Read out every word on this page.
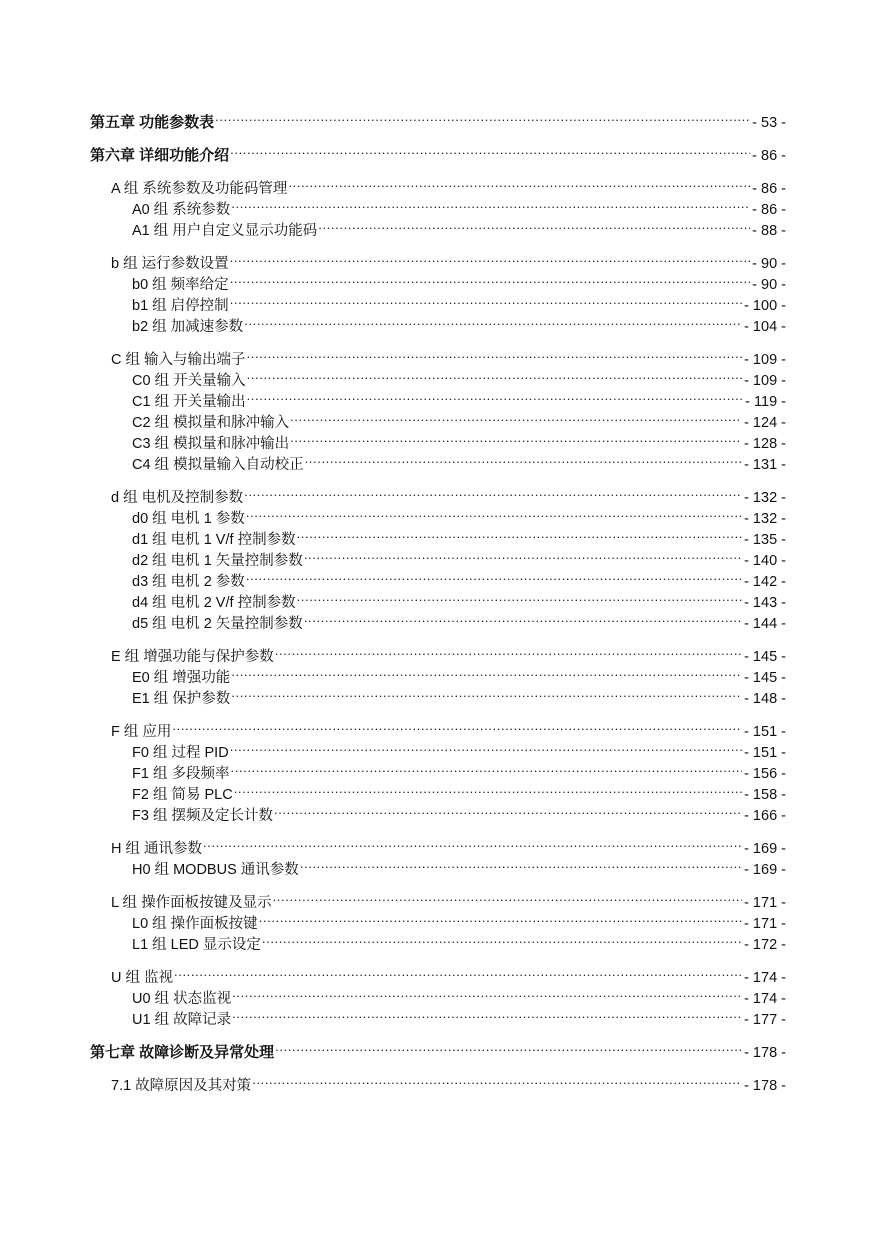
第五章 功能参数表 .....	- 53 -
第六章 详细功能介绍 .....	- 86 -
A 组 系统参数及功能码管理 .....	- 86 -
A0 组 系统参数 .....	- 86 -
A1 组 用户自定义显示功能码 .....	- 88 -
b 组 运行参数设置 .....	- 90 -
b0 组 频率给定 .....	- 90 -
b1 组 启停控制 .....	- 100 -
b2 组 加减速参数 .....	- 104 -
C 组 输入与输出端子 .....	- 109 -
C0 组 开关量输入 .....	- 109 -
C1 组 开关量输出 .....	- 119 -
C2 组 模拟量和脉冲输入 .....	- 124 -
C3 组 模拟量和脉冲输出 .....	- 128 -
C4 组 模拟量输入自动校正 .....	- 131 -
d 组 电机及控制参数 .....	- 132 -
d0 组 电机 1 参数 .....	- 132 -
d1 组 电机 1 V/f 控制参数 .....	- 135 -
d2 组 电机 1 矢量控制参数 .....	- 140 -
d3 组 电机 2 参数 .....	- 142 -
d4 组 电机 2 V/f 控制参数 .....	- 143 -
d5 组 电机 2 矢量控制参数 .....	- 144 -
E 组 增强功能与保护参数 .....	- 145 -
E0 组 增强功能 .....	- 145 -
E1 组 保护参数 .....	- 148 -
F 组 应用 .....	- 151 -
F0 组 过程 PID .....	- 151 -
F1 组 多段频率 .....	- 156 -
F2 组 简易 PLC .....	- 158 -
F3 组 摆频及定长计数 .....	- 166 -
H 组 通讯参数 .....	- 169 -
H0 组 MODBUS 通讯参数 .....	- 169 -
L 组 操作面板按键及显示 .....	- 171 -
L0 组 操作面板按键 .....	- 171 -
L1 组 LED 显示设定 .....	- 172 -
U 组 监视 .....	- 174 -
U0 组 状态监视 .....	- 174 -
U1 组 故障记录 .....	- 177 -
第七章 故障诊断及异常处理 .....	- 178 -
7.1 故障原因及其对策 .....	- 178 -
